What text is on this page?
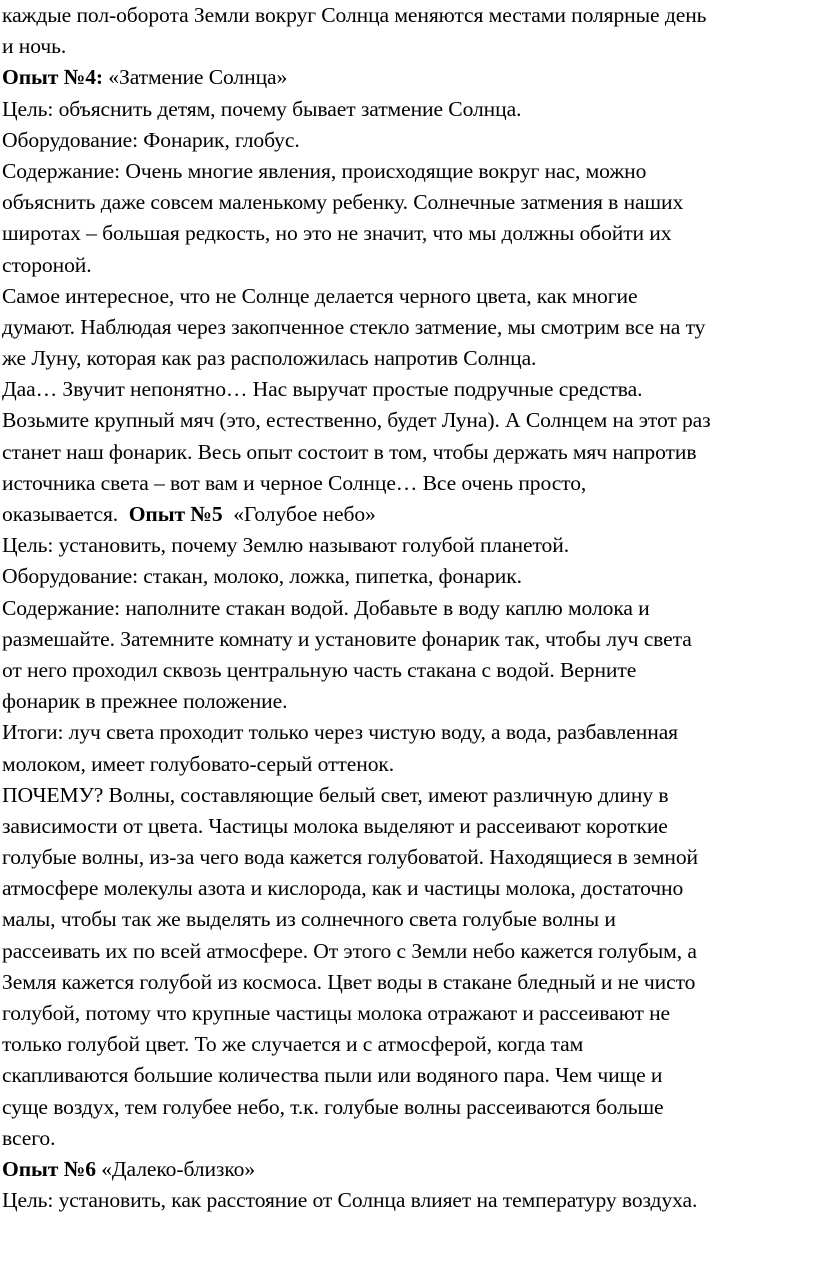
каждые пол-оборота Земли вокруг Солнца меняются местами полярные день
и ночь.
Опыт №4: «Затмение Солнца»
Цель: объяснить детям, почему бывает затмение Солнца.
Оборудование: Фонарик, глобус.
Содержание: Очень многие явления, происходящие вокруг нас, можно
объяснить даже совсем маленькому ребенку. Солнечные затмения в наших
широтах – большая редкость, но это не значит, что мы должны обойти их
стороной.
Самое интересное, что не Солнце делается черного цвета, как многие
думают. Наблюдая через закопченное стекло затмение, мы смотрим все на ту
же Луну, которая как раз расположилась напротив Солнца.
Даа… Звучит непонятно… Нас выручат простые подручные средства.
Возьмите крупный мяч (это, естественно, будет Луна). А Солнцем на этот раз
станет наш фонарик. Весь опыт состоит в том, чтобы держать мяч напротив
источника света – вот вам и черное Солнце… Все очень просто,
оказывается.  Опыт №5  «Голубое небо»
Цель: установить, почему Землю называют голубой планетой.
Оборудование: стакан, молоко, ложка, пипетка, фонарик.
Содержание: наполните стакан водой. Добавьте в воду каплю молока и
размешайте. Затемните комнату и установите фонарик так, чтобы луч света
от него проходил сквозь центральную часть стакана с водой. Верните
фонарик в прежнее положение.
Итоги: луч света проходит только через чистую воду, а вода, разбавленная
молоком, имеет голубовато-серый оттенок.
ПОЧЕМУ? Волны, составляющие белый свет, имеют различную длину в
зависимости от цвета. Частицы молока выделяют и рассеивают короткие
голубые волны, из-за чего вода кажется голубоватой. Находящиеся в земной
атмосфере молекулы азота и кислорода, как и частицы молока, достаточно
малы, чтобы так же выделять из солнечного света голубые волны и
рассеивать их по всей атмосфере. От этого с Земли небо кажется голубым, а
Земля кажется голубой из космоса. Цвет воды в стакане бледный и не чисто
голубой, потому что крупные частицы молока отражают и рассеивают не
только голубой цвет. То же случается и с атмосферой, когда там
скапливаются большие количества пыли или водяного пара. Чем чище и
суще воздух, тем голубее небо, т.к. голубые волны рассеиваются больше
всего.
Опыт №6 «Далеко-близко»
Цель: установить, как расстояние от Солнца влияет на температуру воздуха.
